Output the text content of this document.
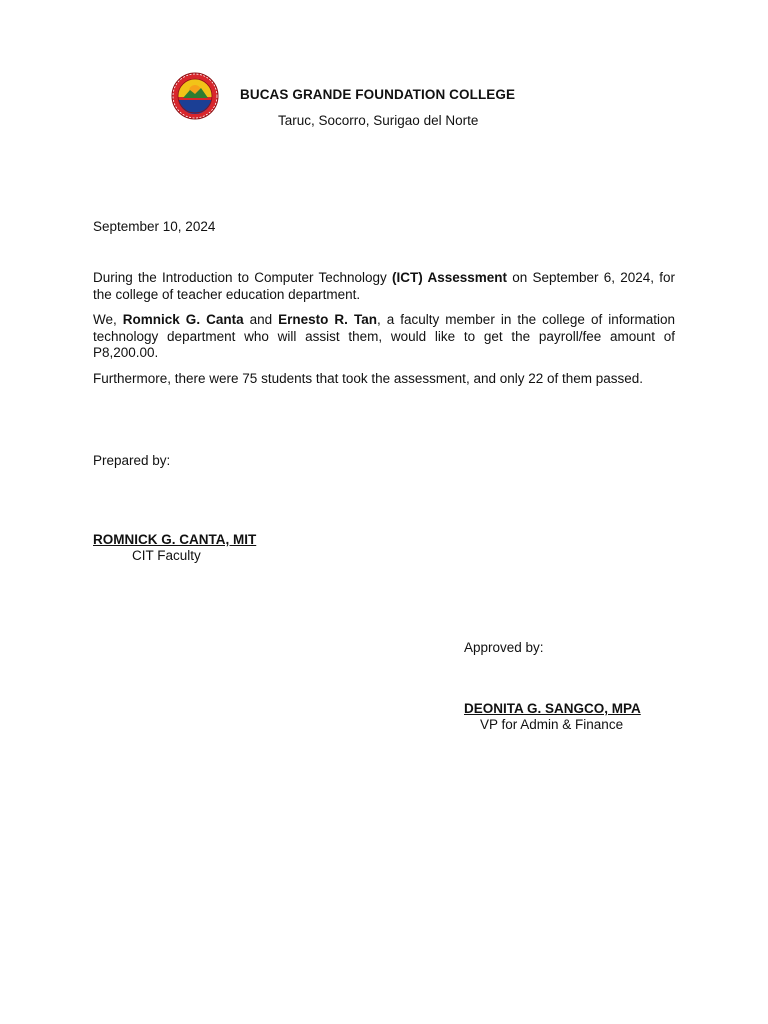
BUCAS GRANDE FOUNDATION COLLEGE
Taruc, Socorro, Surigao del Norte
September 10, 2024

During the Introduction to Computer Technology (ICT) Assessment on September 6, 2024, for the college of teacher education department.

We, Romnick G. Canta and Ernesto R. Tan, a faculty member in the college of information technology department who will assist them, would like to get the payroll/fee amount of P8,200.00.

Furthermore, there were 75 students that took the assessment, and only 22 of them passed.

Prepared by:
ROMNICK G. CANTA, MIT
CIT Faculty
Approved by:
DEONITA G. SANGCO, MPA
VP for Admin & Finance
